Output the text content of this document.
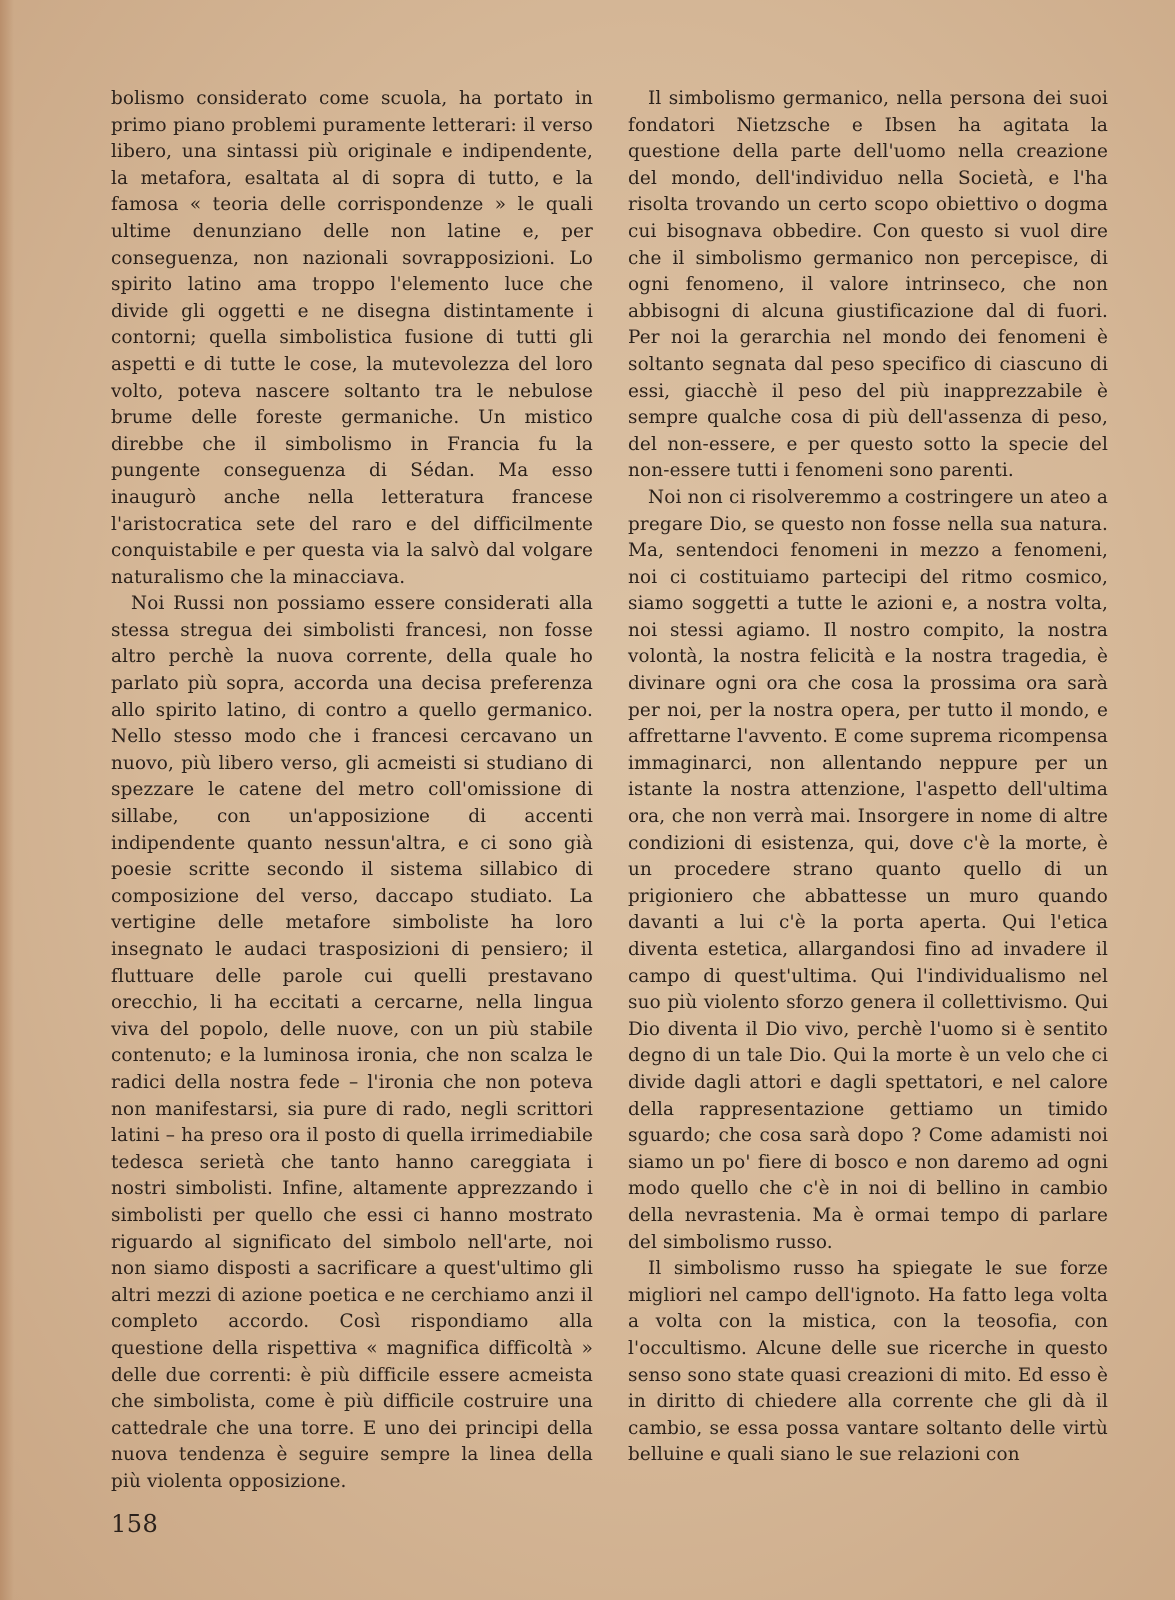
bolismo considerato come scuola, ha portato in primo piano problemi puramente letterari: il verso libero, una sintassi più originale e indipendente, la metafora, esaltata al di sopra di tutto, e la famosa « teoria delle corrispondenze » le quali ultime denunziano delle non latine e, per conseguenza, non nazionali sovrapposizioni. Lo spirito latino ama troppo l'elemento luce che divide gli oggetti e ne disegna distintamente i contorni; quella simbolistica fusione di tutti gli aspetti e di tutte le cose, la mutevolezza del loro volto, poteva nascere soltanto tra le nebulose brume delle foreste germaniche. Un mistico direbbe che il simbolismo in Francia fu la pungente conseguenza di Sédan. Ma esso inaugurò anche nella letteratura francese l'aristocratica sete del raro e del difficilmente conquistabile e per questa via la salvò dal volgare naturalismo che la minacciava.

Noi Russi non possiamo essere considerati alla stessa stregua dei simbolisti francesi, non fosse altro perchè la nuova corrente, della quale ho parlato più sopra, accorda una decisa preferenza allo spirito latino, di contro a quello germanico. Nello stesso modo che i francesi cercavano un nuovo, più libero verso, gli acmeisti si studiano di spezzare le catene del metro coll'omissione di sillabe, con un'apposizione di accenti indipendente quanto nessun'altra, e ci sono già poesie scritte secondo il sistema sillabico di composizione del verso, daccapo studiato. La vertigine delle metafore simboliste ha loro insegnato le audaci trasposizioni di pensiero; il fluttuare delle parole cui quelli prestavano orecchio, li ha eccitati a cercarne, nella lingua viva del popolo, delle nuove, con un più stabile contenuto; e la luminosa ironia, che non scalza le radici della nostra fede – l'ironia che non poteva non manifestarsi, sia pure di rado, negli scrittori latini – ha preso ora il posto di quella irrimediabile tedesca serietà che tanto hanno careggiata i nostri simbolisti. Infine, altamente apprezzando i simbolisti per quello che essi ci hanno mostrato riguardo al significato del simbolo nell'arte, noi non siamo disposti a sacrificare a quest'ultimo gli altri mezzi di azione poetica e ne cerchiamo anzi il completo accordo. Così rispondiamo alla questione della rispettiva « magnifica difficoltà » delle due correnti: è più difficile essere acmeista che simbolista, come è più difficile costruire una cattedrale che una torre. E uno dei principi della nuova tendenza è seguire sempre la linea della più violenta opposizione.

Il simbolismo germanico, nella persona dei suoi fondatori Nietzsche e Ibsen ha agitata la questione della parte dell'uomo nella creazione del mondo, dell'individuo nella Società, e l'ha risolta trovando un certo scopo obiettivo o dogma cui bisognava obbedire. Con questo si vuol dire che il simbolismo germanico non percepisce, di ogni fenomeno, il valore intrinseco, che non abbisogni di alcuna giustificazione dal di fuori. Per noi la gerarchia nel mondo dei fenomeni è soltanto segnata dal peso specifico di ciascuno di essi, giacchè il peso del più inapprezzabile è sempre qualche cosa di più dell'assenza di peso, del non-essere, e per questo sotto la specie del non-essere tutti i fenomeni sono parenti.

Noi non ci risolveremmo a costringere un ateo a pregare Dio, se questo non fosse nella sua natura. Ma, sentendoci fenomeni in mezzo a fenomeni, noi ci costituiamo partecipi del ritmo cosmico, siamo soggetti a tutte le azioni e, a nostra volta, noi stessi agiamo. Il nostro compito, la nostra volontà, la nostra felicità e la nostra tragedia, è divinare ogni ora che cosa la prossima ora sarà per noi, per la nostra opera, per tutto il mondo, e affrettarne l'avvento. E come suprema ricompensa immaginarci, non allentando neppure per un istante la nostra attenzione, l'aspetto dell'ultima ora, che non verrà mai. Insorgere in nome di altre condizioni di esistenza, qui, dove c'è la morte, è un procedere strano quanto quello di un prigioniero che abbattesse un muro quando davanti a lui c'è la porta aperta. Qui l'etica diventa estetica, allargandosi fino ad invadere il campo di quest'ultima. Qui l'individualismo nel suo più violento sforzo genera il collettivismo. Qui Dio diventa il Dio vivo, perchè l'uomo si è sentito degno di un tale Dio. Qui la morte è un velo che ci divide dagli attori e dagli spettatori, e nel calore della rappresentazione gettiamo un timido sguardo; che cosa sarà dopo ? Come adamisti noi siamo un po' fiere di bosco e non daremo ad ogni modo quello che c'è in noi di bellino in cambio della nevrastenia. Ma è ormai tempo di parlare del simbolismo russo.

Il simbolismo russo ha spiegate le sue forze migliori nel campo dell'ignoto. Ha fatto lega volta a volta con la mistica, con la teosofia, con l'occultismo. Alcune delle sue ricerche in questo senso sono state quasi creazioni di mito. Ed esso è in diritto di chiedere alla corrente che gli dà il cambio, se essa possa vantare soltanto delle virtù belluine e quali siano le sue relazioni con

158
